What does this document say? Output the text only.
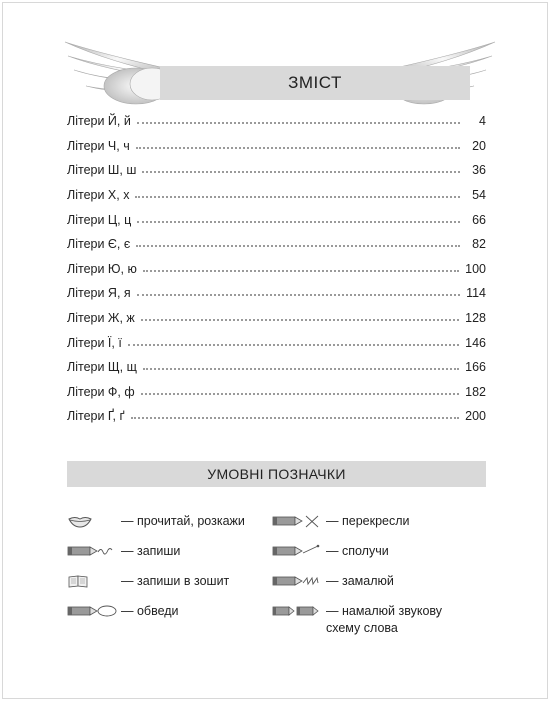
ЗМІСТ
Літери Й, й	4
Літери Ч, ч	20
Літери Ш, ш	36
Літери Х, х	54
Літери Ц, ц	66
Літери Є, є	82
Літери Ю, ю	100
Літери Я, я	114
Літери Ж, ж	128
Літери Ї, ї	146
Літери Щ, щ	166
Літери Ф, ф	182
Літери Ґ, ґ	200
УМОВНІ ПОЗНАЧКИ
— прочитай, розкажи
— запиши
— запиши в зошит
— обведи
— перекресли
— сполучи
— замалюй
— намалюй звукову
схему слова
